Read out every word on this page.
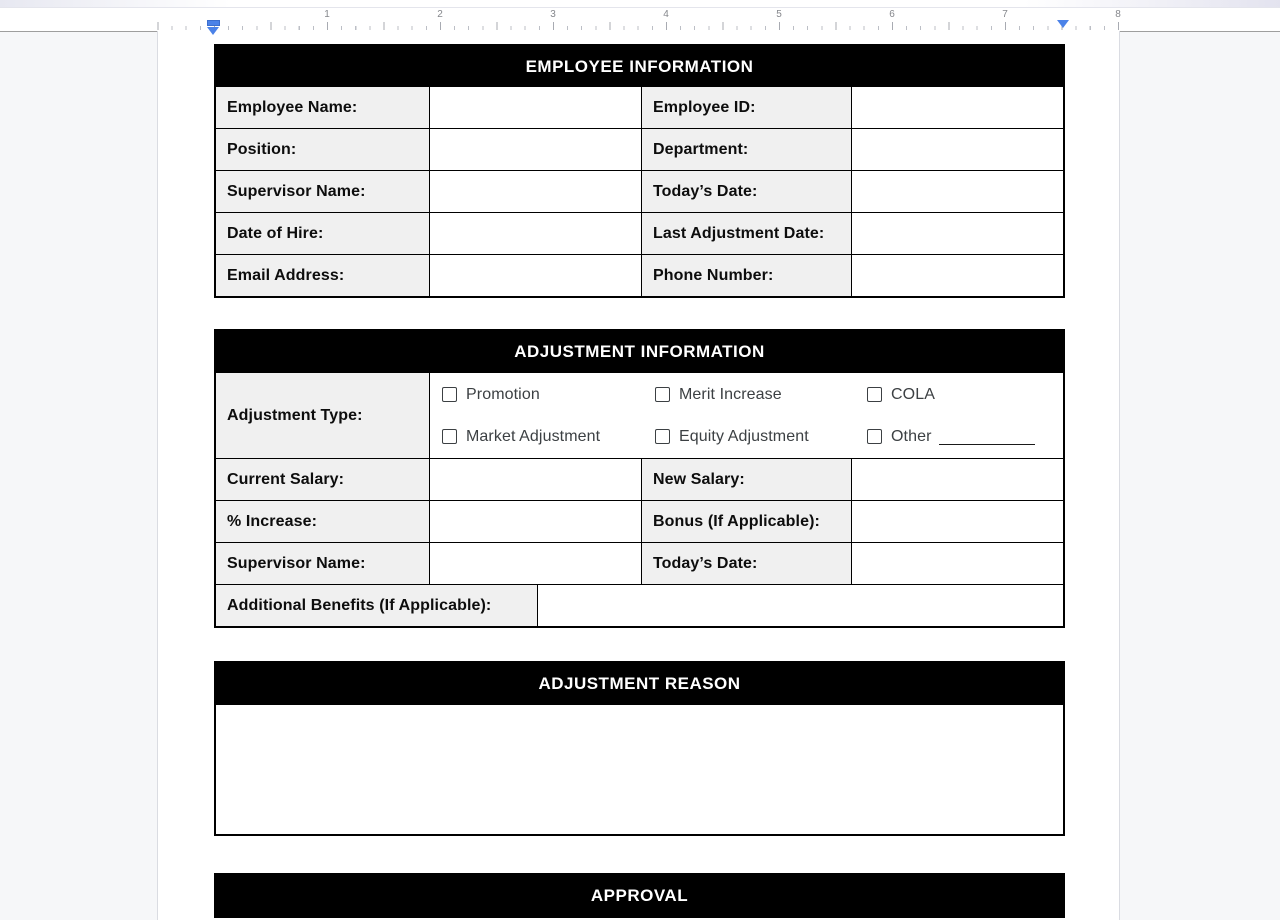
1	2	3	4	5	6	7	8
EMPLOYEE INFORMATION
Employee Name:	Employee ID:
Position:	Department:
Supervisor Name:	Today’s Date:
Date of Hire:	Last Adjustment Date:
Email Address:	Phone Number:
ADJUSTMENT INFORMATION
Adjustment Type:
Promotion	Merit Increase	COLA
Market Adjustment	Equity Adjustment	Other
Current Salary:	New Salary:
% Increase:	Bonus (If Applicable):
Supervisor Name:	Today’s Date:
Additional Benefits (If Applicable):
ADJUSTMENT REASON
APPROVAL
